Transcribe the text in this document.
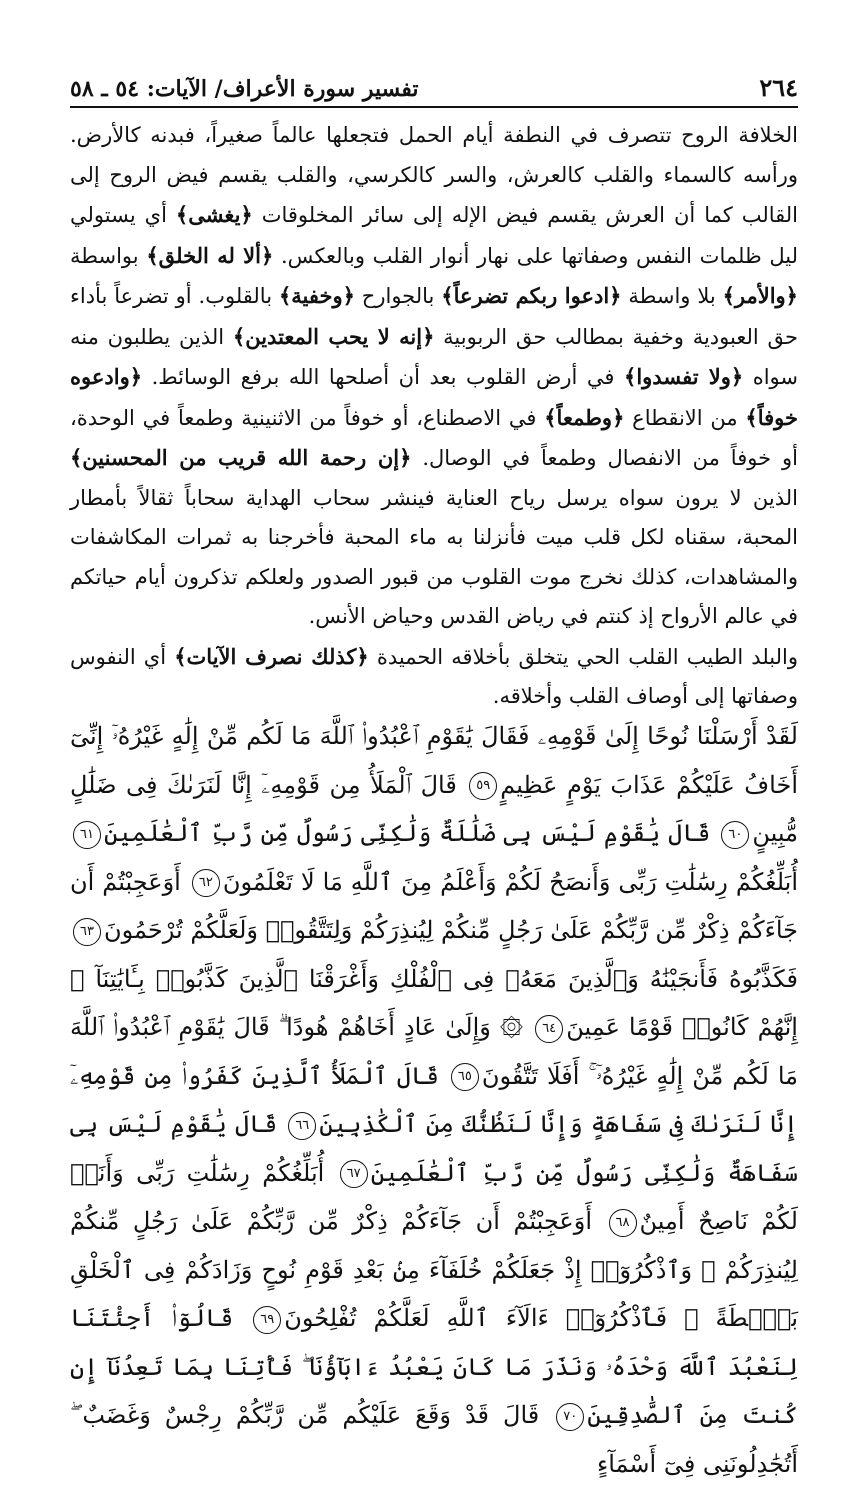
٢٦٤
تفسير سورة الأعراف/ الآيات: ٥٤ ـ ٥٨

الخلافة الروح تتصرف في النطفة أيام الحمل فتجعلها عالماً صغيراً، فبدنه كالأرض. ورأسه كالسماء والقلب كالعرش، والسر كالكرسي، والقلب يقسم فيض الروح إلى القالب كما أن العرش يقسم فيض الإله إلى سائر المخلوقات ﴿يغشى﴾ أي يستولي ليل ظلمات النفس وصفاتها على نهار أنوار القلب وبالعكس. ﴿ألا له الخلق﴾ بواسطة ﴿والأمر﴾ بلا واسطة ﴿ادعوا ربكم تضرعاً﴾ بالجوارح ﴿وخفية﴾ بالقلوب. أو تضرعاً بأداء حق العبودية وخفية بمطالب حق الربوبية ﴿إنه لا يحب المعتدين﴾ الذين يطلبون منه سواه ﴿ولا تفسدوا﴾ في أرض القلوب بعد أن أصلحها الله برفع الوسائط. ﴿وادعوه خوفاً﴾ من الانقطاع ﴿وطمعاً﴾ في الاصطناع، أو خوفاً من الاثنينية وطمعاً في الوحدة، أو خوفاً من الانفصال وطمعاً في الوصال. ﴿إن رحمة الله قريب من المحسنين﴾ الذين لا يرون سواه يرسل رياح العناية فينشر سحاب الهداية سحاباً ثقالاً بأمطار المحبة، سقناه لكل قلب ميت فأنزلنا به ماء المحبة فأخرجنا به ثمرات المكاشفات والمشاهدات، كذلك نخرج موت القلوب من قبور الصدور ولعلكم تذكرون أيام حياتكم في عالم الأرواح إذ كنتم في رياض القدس وحياض الأنس.

والبلد الطيب القلب الحي يتخلق بأخلاقه الحميدة ﴿كذلك نصرف الآيات﴾ أي النفوس وصفاتها إلى أوصاف القلب وأخلاقه.

لَقَدْ أَرْسَلْنَا نُوحًا إِلَىٰ قَوْمِهِۦ فَقَالَ يَٰقَوْمِ ٱعْبُدُوا۟ ٱللَّهَ مَا لَكُم مِّنْ إِلَٰهٍ غَيْرُهُۥٓ إِنِّىٓ أَخَافُ عَلَيْكُمْ عَذَابَ يَوْمٍ عَظِيمٍ٥٩ قَالَ ٱلْمَلَأُ مِن قَوْمِهِۦٓ إِنَّا لَنَرَىٰكَ فِى ضَلَٰلٍ مُّبِينٍ٦٠ قَالَ يَٰقَوْمِ لَيْسَ بِى ضَلَٰلَةٌ وَلَٰكِنِّى رَسُولٌ مِّن رَّبِّ ٱلْعَٰلَمِينَ٦١ أُبَلِّغُكُمْ رِسَٰلَٰتِ رَبِّى وَأَنصَحُ لَكُمْ وَأَعْلَمُ مِنَ ٱللَّهِ مَا لَا تَعْلَمُونَ٦٢ أَوَعَجِبْتُمْ أَن جَآءَكُمْ ذِكْرٌ مِّن رَّبِّكُمْ عَلَىٰ رَجُلٍ مِّنكُمْ لِيُنذِرَكُمْ وَلِتَتَّقُوا۟ وَلَعَلَّكُمْ تُرْحَمُونَ٦٣ فَكَذَّبُوهُ فَأَنجَيْنَٰهُ وَٱلَّذِينَ مَعَهُۥ فِى ٱلْفُلْكِ وَأَغْرَقْنَا ٱلَّذِينَ كَذَّبُوا۟ بِـَٔايَٰتِنَآ ۚ إِنَّهُمْ كَانُوا۟ قَوْمًا عَمِينَ٦٤ ۞ وَإِلَىٰ عَادٍ أَخَاهُمْ هُودًا ۗ قَالَ يَٰقَوْمِ ٱعْبُدُوا۟ ٱللَّهَ مَا لَكُم مِّنْ إِلَٰهٍ غَيْرُهُۥٓ ۚ أَفَلَا تَتَّقُونَ٦٥ قَالَ ٱلْمَلَأُ ٱلَّذِينَ كَفَرُوا۟ مِن قَوْمِهِۦٓ إِنَّا لَنَرَىٰكَ فِى سَفَاهَةٍ وَإِنَّا لَنَظُنُّكَ مِنَ ٱلْكَٰذِبِينَ٦٦ قَالَ يَٰقَوْمِ لَيْسَ بِى سَفَاهَةٌ وَلَٰكِنِّى رَسُولٌ مِّن رَّبِّ ٱلْعَٰلَمِينَ٦٧ أُبَلِّغُكُمْ رِسَٰلَٰتِ رَبِّى وَأَنَا۠ لَكُمْ نَاصِحٌ أَمِينٌ٦٨ أَوَعَجِبْتُمْ أَن جَآءَكُمْ ذِكْرٌ مِّن رَّبِّكُمْ عَلَىٰ رَجُلٍ مِّنكُمْ لِيُنذِرَكُمْ ۚ وَٱذْكُرُوٓا۟ إِذْ جَعَلَكُمْ خُلَفَآءَ مِنۢ بَعْدِ قَوْمِ نُوحٍ وَزَادَكُمْ فِى ٱلْخَلْقِ بَصْۜطَةً ۖ فَٱذْكُرُوٓا۟ ءَالَآءَ ٱللَّهِ لَعَلَّكُمْ تُفْلِحُونَ٦٩ قَالُوٓا۟ أَجِئْتَنَا لِنَعْبُدَ ٱللَّهَ وَحْدَهُۥ وَنَذَرَ مَا كَانَ يَعْبُدُ ءَابَآؤُنَا ۖ فَأْتِنَا بِمَا تَعِدُنَآ إِن كُنتَ مِنَ ٱلصَّٰدِقِينَ٧٠ قَالَ قَدْ وَقَعَ عَلَيْكُم مِّن رَّبِّكُمْ رِجْسٌ وَغَضَبٌ ۖ أَتُجَٰدِلُونَنِى فِىٓ أَسْمَآءٍ
